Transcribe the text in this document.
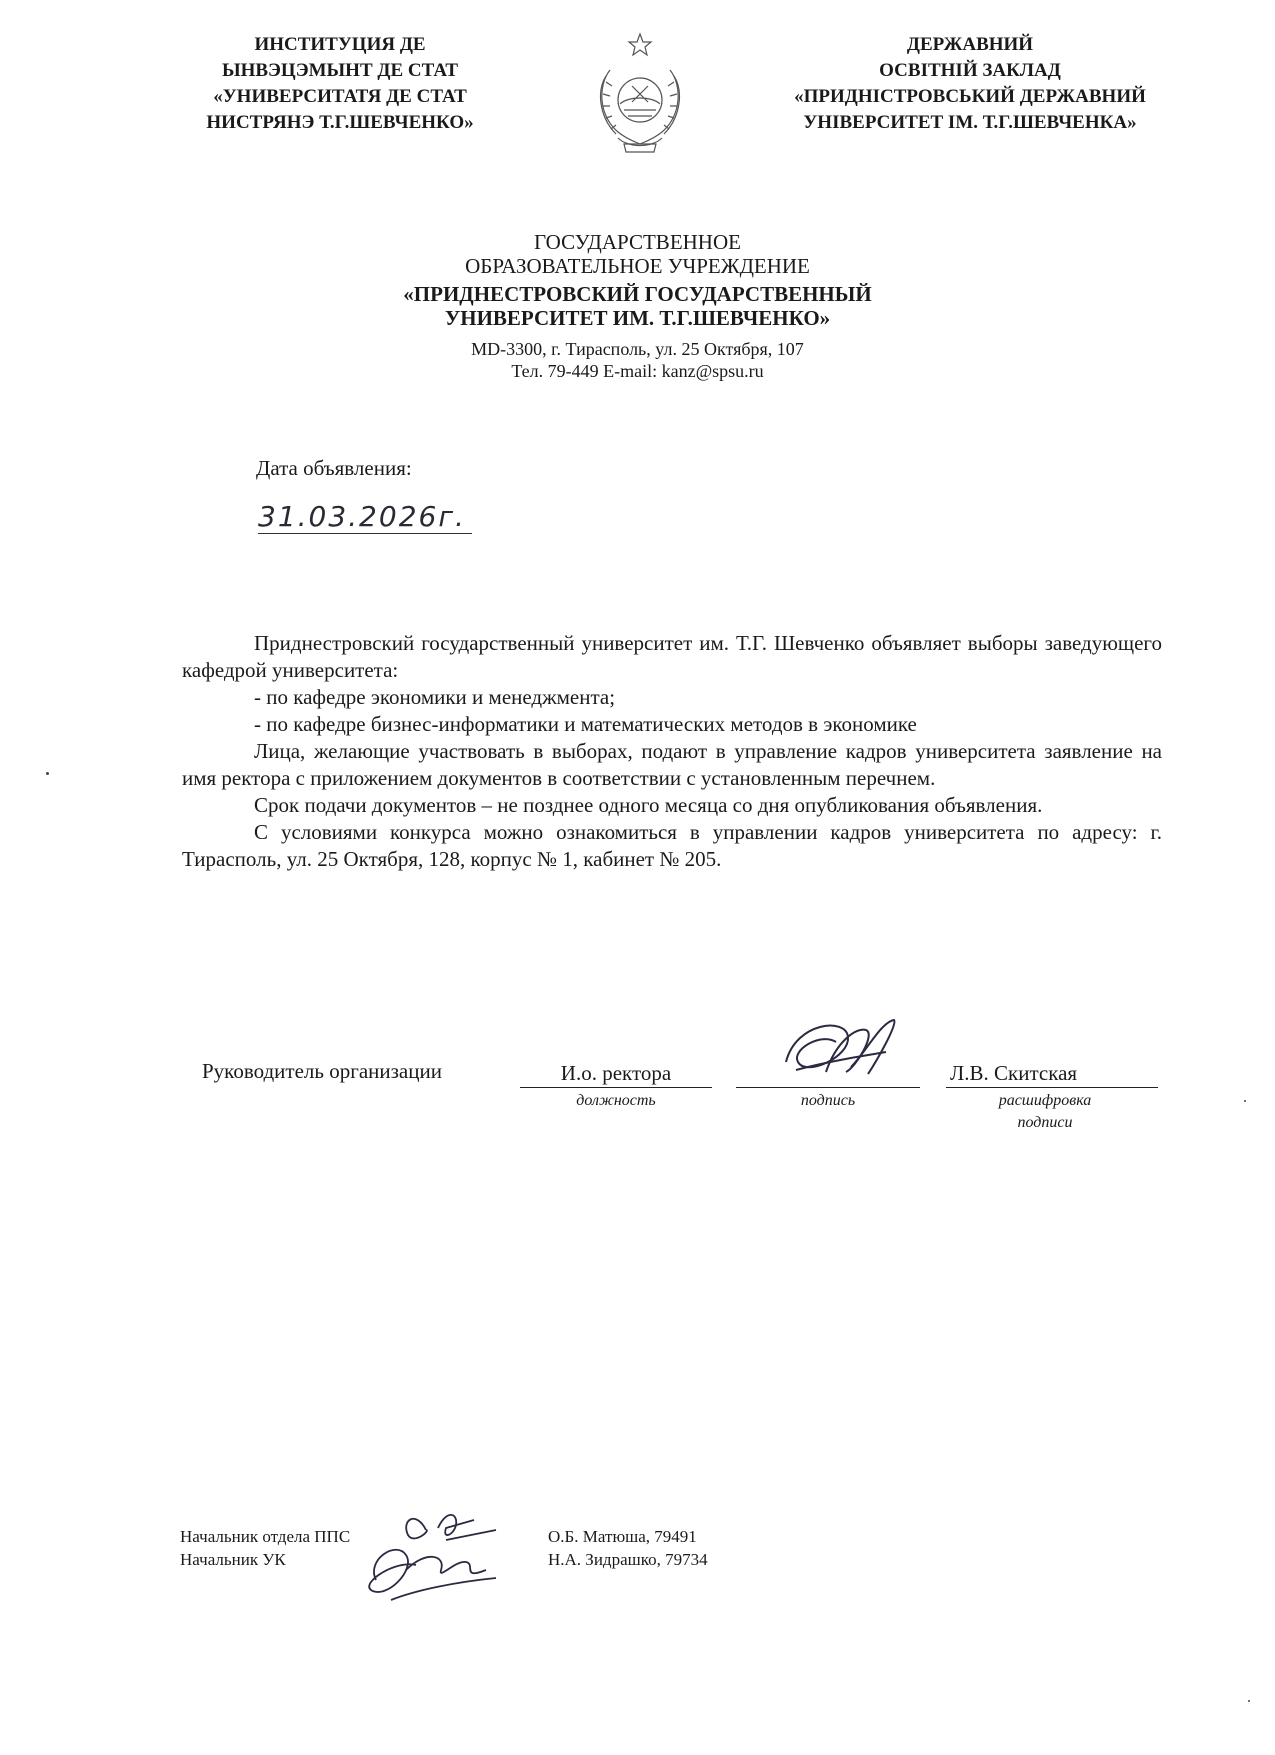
ИНСТИТУЦИЯ ДЕ
ЫНВЭЦЭМЫНТ ДЕ СТАТ
«УНИВЕРСИТАТЯ ДЕ СТАТ
НИСТРЯНЭ Т.Г.ШЕВЧЕНКО»
ДЕРЖАВНИЙ
ОСВІТНІЙ ЗАКЛАД
«ПРИДНІСТРОВСЬКИЙ ДЕРЖАВНИЙ
УНІВЕРСИТЕТ ІМ. Т.Г.ШЕВЧЕНКА»
ГОСУДАРСТВЕННОЕ
ОБРАЗОВАТЕЛЬНОЕ УЧРЕЖДЕНИЕ
«ПРИДНЕСТРОВСКИЙ ГОСУДАРСТВЕННЫЙ
УНИВЕРСИТЕТ ИМ. Т.Г.ШЕВЧЕНКО»
MD-3300, г. Тирасполь, ул. 25 Октября, 107
Тел. 79-449 E-mail: kanz@spsu.ru
Дата объявления:
31.03.2026г.

Приднестровский государственный университет им. Т.Г. Шевченко объявляет выборы заведующего кафедрой университета:

- по кафедре экономики и менеджмента;

- по кафедре бизнес-информатики и математических методов в экономике

Лица, желающие участвовать в выборах, подают в управление кадров университета заявление на имя ректора с приложением документов в соответствии с установленным перечнем.

Срок подачи документов – не позднее одного месяца со дня опубликования объявления.

С условиями конкурса можно ознакомиться в управлении кадров университета по адресу: г. Тирасполь, ул. 25 Октября, 128, корпус № 1, кабинет № 205.

Руководитель организации	И.о. ректора
должность	подпись
Л.В. Скитская
расшифровка подписи
Начальник отдела ППС
Начальник УК
О.Б. Матюша, 79491
Н.А. Зидрашко, 79734
